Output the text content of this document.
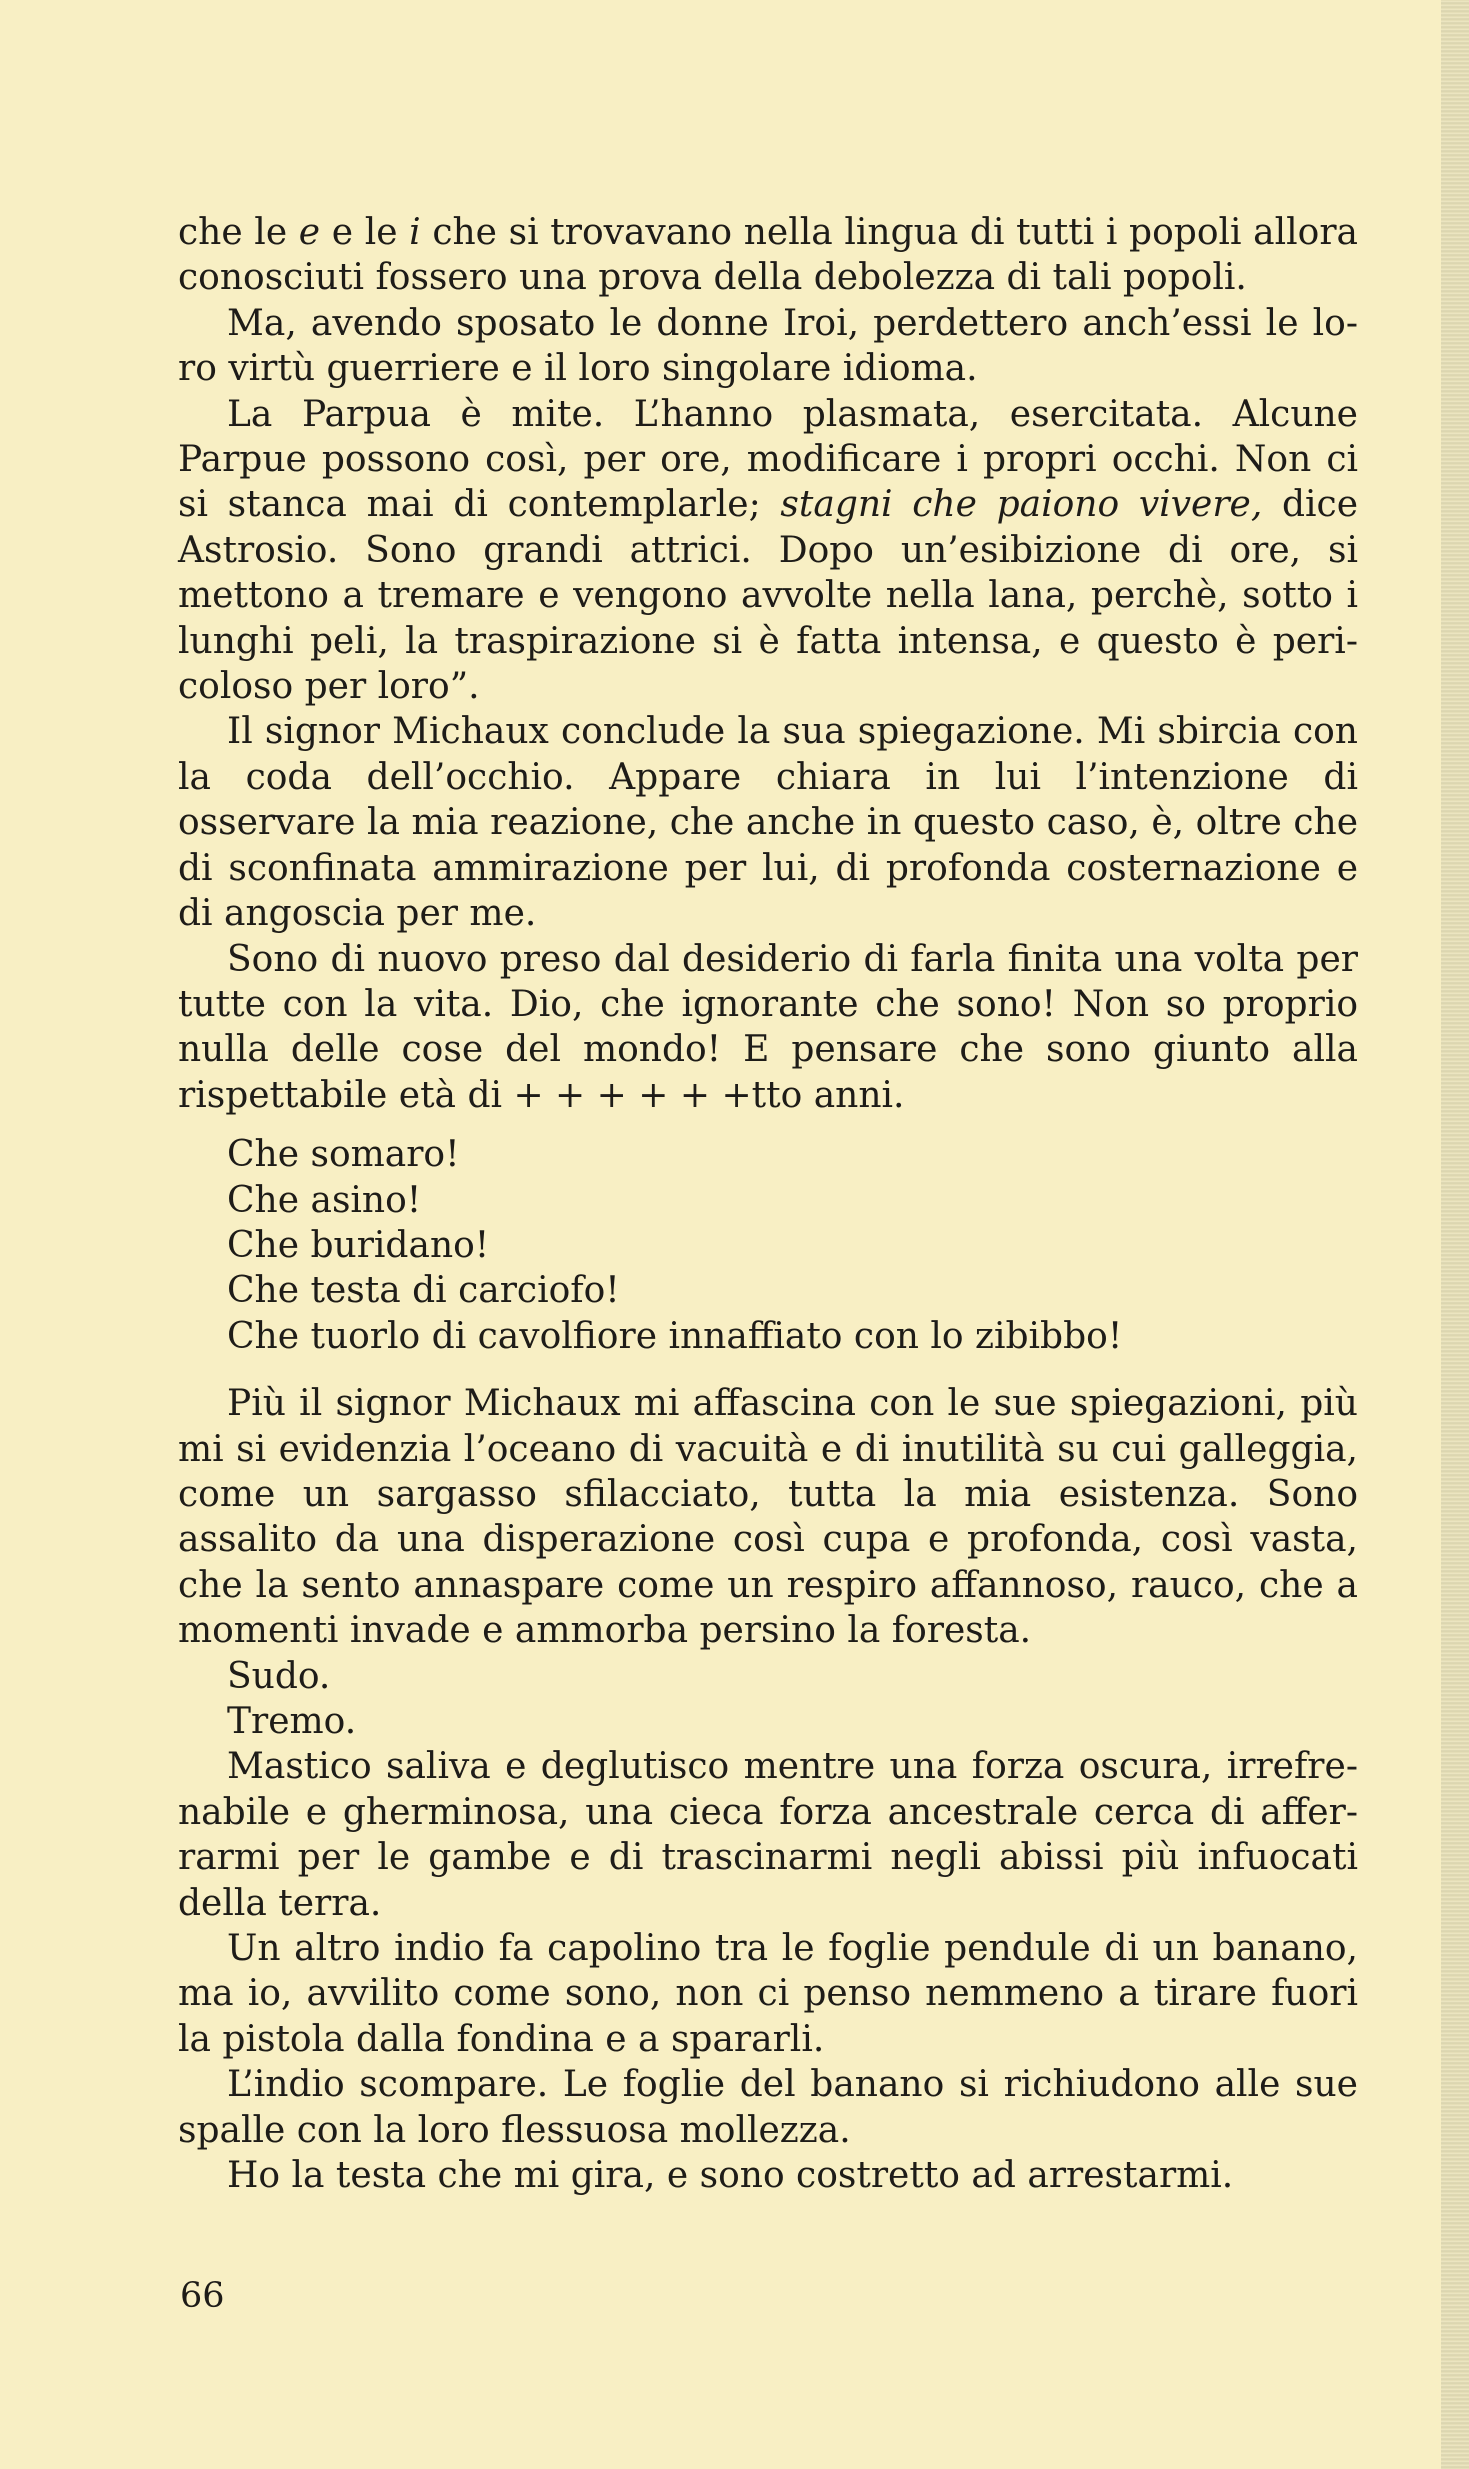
che le e e le i che si trovavano nella lingua di tutti i popoli allora conosciuti fossero una prova della debolezza di tali popoli.

Ma, avendo sposato le donne Iroi, perdettero anch’essi le loro virtù guerriere e il loro singolare idioma.

La Parpua è mite. L’hanno plasmata, esercitata. Alcune Parpue possono così, per ore, modificare i propri occhi. Non ci si stanca mai di contemplarle; stagni che paiono vivere, dice Astrosio. Sono grandi attrici. Dopo un’esibizione di ore, si mettono a tremare e vengono avvolte nella lana, perchè, sotto i lunghi peli, la traspirazione si è fatta intensa, e questo è pericoloso per loro”.

Il signor Michaux conclude la sua spiegazione. Mi sbircia con la coda dell’occhio. Appare chiara in lui l’intenzione di osservare la mia reazione, che anche in questo caso, è, oltre che di sconfinata ammirazione per lui, di profonda costernazione e di angoscia per me.

Sono di nuovo preso dal desiderio di farla finita una volta per tutte con la vita. Dio, che ignorante che sono! Non so proprio nulla delle cose del mondo! E pensare che sono giunto alla rispettabile età di + + + + + +tto anni.

Che somaro!
Che asino!
Che buridano!
Che testa di carciofo!
Che tuorlo di cavolfiore innaffiato con lo zibibbo!

Più il signor Michaux mi affascina con le sue spiegazioni, più mi si evidenzia l’oceano di vacuità e di inutilità su cui galleggia, come un sargasso sfilacciato, tutta la mia esistenza. Sono assalito da una disperazione così cupa e profonda, così vasta, che la sento annaspare come un respiro affannoso, rauco, che a momenti invade e ammorba persino la foresta.

Sudo.

Tremo.

Mastico saliva e deglutisco mentre una forza oscura, irrefrenabile e gherminosa, una cieca forza ancestrale cerca di afferrarmi per le gambe e di trascinarmi negli abissi più infuocati della terra.

Un altro indio fa capolino tra le foglie pendule di un banano, ma io, avvilito come sono, non ci penso nemmeno a tirare fuori la pistola dalla fondina e a spararli.

L’indio scompare. Le foglie del banano si richiudono alle sue spalle con la loro flessuosa mollezza.

Ho la testa che mi gira, e sono costretto ad arrestarmi.

66
